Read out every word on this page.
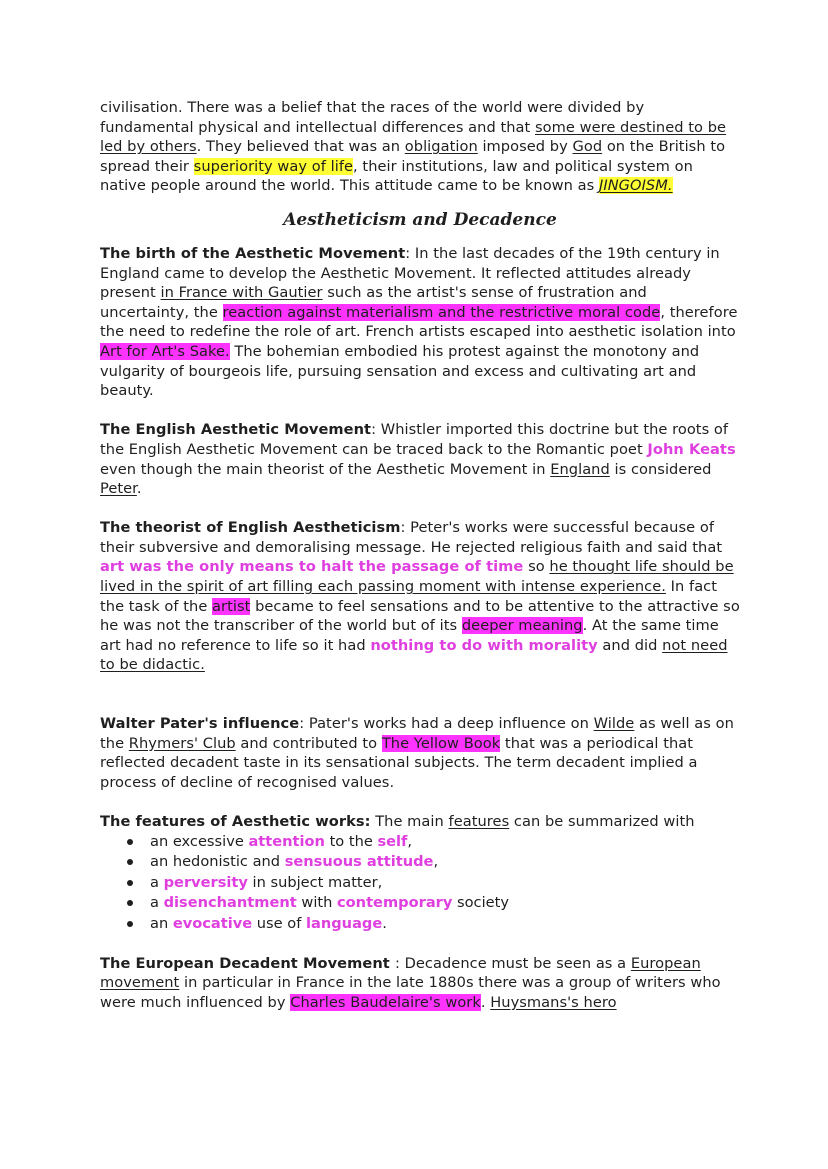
civilisation. There was a belief that the races of the world were divided by fundamental physical and intellectual differences and that some were destined to be led by others. They believed that was an obligation imposed by God on the British to spread their superiority way of life, their institutions, law and political system on native people around the world. This attitude came to be known as JINGOISM.

Aestheticism and Decadence

The birth of the Aesthetic Movement: In the last decades of the 19th century in England came to develop the Aesthetic Movement. It reflected attitudes already present in France with Gautier such as the artist's sense of frustration and uncertainty, the reaction against materialism and the restrictive moral code, therefore the need to redefine the role of art. French artists escaped into aesthetic isolation into Art for Art's Sake. The bohemian embodied his protest against the monotony and vulgarity of bourgeois life, pursuing sensation and excess and cultivating art and beauty.

The English Aesthetic Movement: Whistler imported this doctrine but the roots of the English Aesthetic Movement can be traced back to the Romantic poet John Keats even though the main theorist of the Aesthetic Movement in England is considered Peter.

The theorist of English Aestheticism: Peter's works were successful because of their subversive and demoralising message. He rejected religious faith and said that art was the only means to halt the passage of time so he thought life should be lived in the spirit of art filling each passing moment with intense experience. In fact the task of the artist became to feel sensations and to be attentive to the attractive so he was not the transcriber of the world but of its deeper meaning. At the same time art had no reference to life so it had nothing to do with morality and did not need to be didactic.

Walter Pater's influence: Pater's works had a deep influence on Wilde as well as on the Rhymers' Club and contributed to The Yellow Book that was a periodical that reflected decadent taste in its sensational subjects. The term decadent implied a process of decline of recognised values.

The features of Aesthetic works: The main features can be summarized with

an excessive attention to the self,
an hedonistic and sensuous attitude,
a perversity in subject matter,
a disenchantment with contemporary society
an evocative use of language.

The European Decadent Movement : Decadence must be seen as a European movement in particular in France in the late 1880s there was a group of writers who were much influenced by Charles Baudelaire's work. Huysmans's hero
